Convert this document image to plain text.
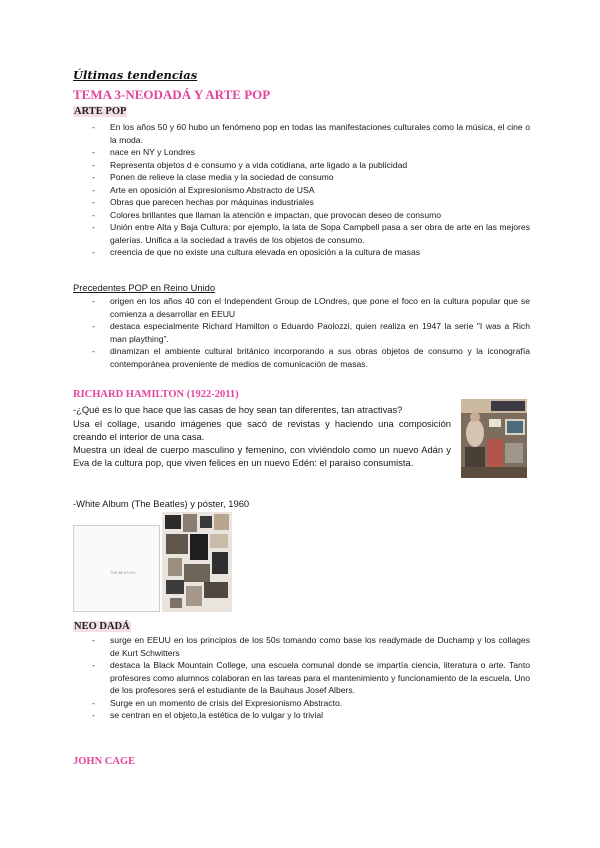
Últimas tendencias
TEMA 3-NEODADÁ Y ARTE POP
ARTE POP
- En los años 50 y 60 hubo un fenómeno pop en todas las manifestaciones culturales como la música, el cine o la moda.
- nace en NY y Londres
- Representa objetos d e consumo y a vida cotidiana, arte ligado a la publicidad
- Ponen de relieve la clase media y la sociedad de consumo
- Arte en oposición al Expresionismo Abstracto de USA
- Obras que parecen hechas por máquinas industriales
- Colores brillantes que llaman la atención e impactan, que provocan deseo de consumo
- Unión entre Alta y Baja Cultura: por ejemplo, la lata de Sopa Campbell pasa a ser obra de arte en las mejores galerías. Unifica a la sociedad a través de los objetos de consumo.
- creencia de que no existe una cultura elevada en oposición a la cultura de masas
Precedentes POP en Reino Unido
- origen en los años 40 con el Independent Group de LOndres, que pone el foco en la cultura popular que se comienza a desarrollar en EEUU
- destaca especialmente Richard Hamilton o Eduardo Paolozzi, quien realiza en 1947 la serie "I was a Rich man plaything".
- dinamizan el ambiente cultural británico incorporando a sus obras objetos de consumo y la iconografía contemporánea proveniente de medios de comunicación de masas.
RICHARD HAMILTON (1922-2011)
-¿Qué es lo que hace que las casas de hoy sean tan diferentes, tan atractivas?
Usa el collage, usando imágenes que sacó de revistas y haciendo una composición creando el interior de una casa.
Muestra un ideal de cuerpo masculino y femenino, con viviéndolo como un nuevo Adán y Eva de la cultura pop, que viven felices en un nuevo Edén: el paraíso consumista.
-White Album (The Beatles) y póster, 1960
THE BEATLES
NEO DADÁ
- surge en EEUU en los principios de los 50s tomando como base los readymade de Duchamp y los collages de Kurt Schwitters
- destaca la Black Mountain College, una escuela comunal donde se impartía ciencia, literatura o arte. Tanto profesores como alumnos colaboran en las tareas para el mantenimiento y funcionamiento de la escuela. Uno de los profesores será el estudiante de la Bauhaus Josef Albers.
- Surge en un momento de crisis del Expresionismo Abstracto.
- se centran en el objeto,la estética de lo vulgar y lo trivial
JOHN CAGE
